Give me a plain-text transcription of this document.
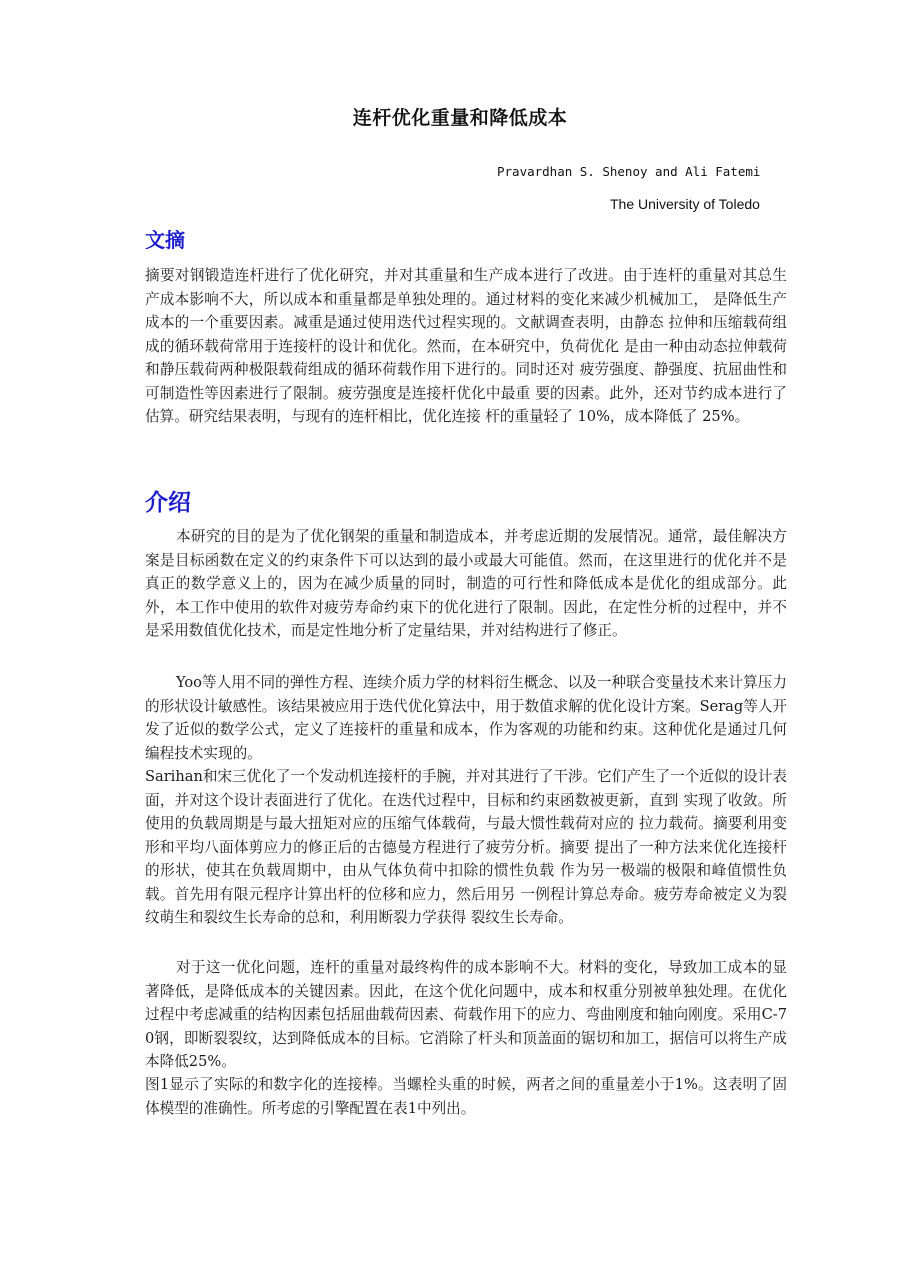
连杆优化重量和降低成本
Pravardhan S. Shenoy and Ali Fatemi
The University of Toledo
文摘

摘要对钢锻造连杆进行了优化研究，并对其重量和生产成本进行了改进。由于连杆的重量对其总生产成本影响不大，所以成本和重量都是单独处理的。通过材料的变化来减少机械加工， 是降低生产成本的一个重要因素。减重是通过使用迭代过程实现的。文献调查表明，由静态 拉伸和压缩载荷组成的循环载荷常用于连接杆的设计和优化。然而，在本研究中，负荷优化 是由一种由动态拉伸载荷和静压载荷两种极限载荷组成的循环荷载作用下进行的。同时还对 疲劳强度、静强度、抗屈曲性和可制造性等因素进行了限制。疲劳强度是连接杆优化中最重 要的因素。此外，还对节约成本进行了估算。研究结果表明，与现有的连杆相比，优化连接 杆的重量轻了 10%，成本降低了 25%。

介绍

本研究的目的是为了优化钢架的重量和制造成本，并考虑近期的发展情况。通常，最佳解决方案是目标函数在定义的约束条件下可以达到的最小或最大可能值。然而，在这里进行的优化并不是真正的数学意义上的，因为在减少质量的同时，制造的可行性和降低成本是优化的组成部分。此外，本工作中使用的软件对疲劳寿命约束下的优化进行了限制。因此，在定性分析的过程中，并不是采用数值优化技术，而是定性地分析了定量结果，并对结构进行了修正。

Yoo等人用不同的弹性方程、连续介质力学的材料衍生概念、以及一种联合变量技术来计算压力的形状设计敏感性。该结果被应用于迭代优化算法中，用于数值求解的优化设计方案。Serag等人开发了近似的数学公式，定义了连接杆的重量和成本，作为客观的功能和约束。这种优化是通过几何编程技术实现的。

Sarihan和宋三优化了一个发动机连接杆的手腕，并对其进行了干涉。它们产生了一个近似的设计表面，并对这个设计表面进行了优化。在迭代过程中，目标和约束函数被更新，直到 实现了收敛。所使用的负载周期是与最大扭矩对应的压缩气体载荷，与最大惯性载荷对应的 拉力载荷。摘要利用变形和平均八面体剪应力的修正后的古德曼方程进行了疲劳分析。摘要 提出了一种方法来优化连接杆的形状，使其在负载周期中，由从气体负荷中扣除的惯性负载 作为另一极端的极限和峰值惯性负载。首先用有限元程序计算出杆的位移和应力，然后用另 一例程计算总寿命。疲劳寿命被定义为裂纹萌生和裂纹生长寿命的总和，利用断裂力学获得 裂纹生长寿命。

对于这一优化问题，连杆的重量对最终构件的成本影响不大。材料的变化，导致加工成本的显著降低，是降低成本的关键因素。因此，在这个优化问题中，成本和权重分别被单独处理。在优化过程中考虑减重的结构因素包括屈曲载荷因素、荷载作用下的应力、弯曲刚度和轴向刚度。采用C-70钢，即断裂裂纹，达到降低成本的目标。它消除了杆头和顶盖面的锯切和加工，据信可以将生产成本降低25%。

图1显示了实际的和数字化的连接棒。当螺栓头重的时候，两者之间的重量差小于1%。这表明了固体模型的准确性。所考虑的引擎配置在表1中列出。
